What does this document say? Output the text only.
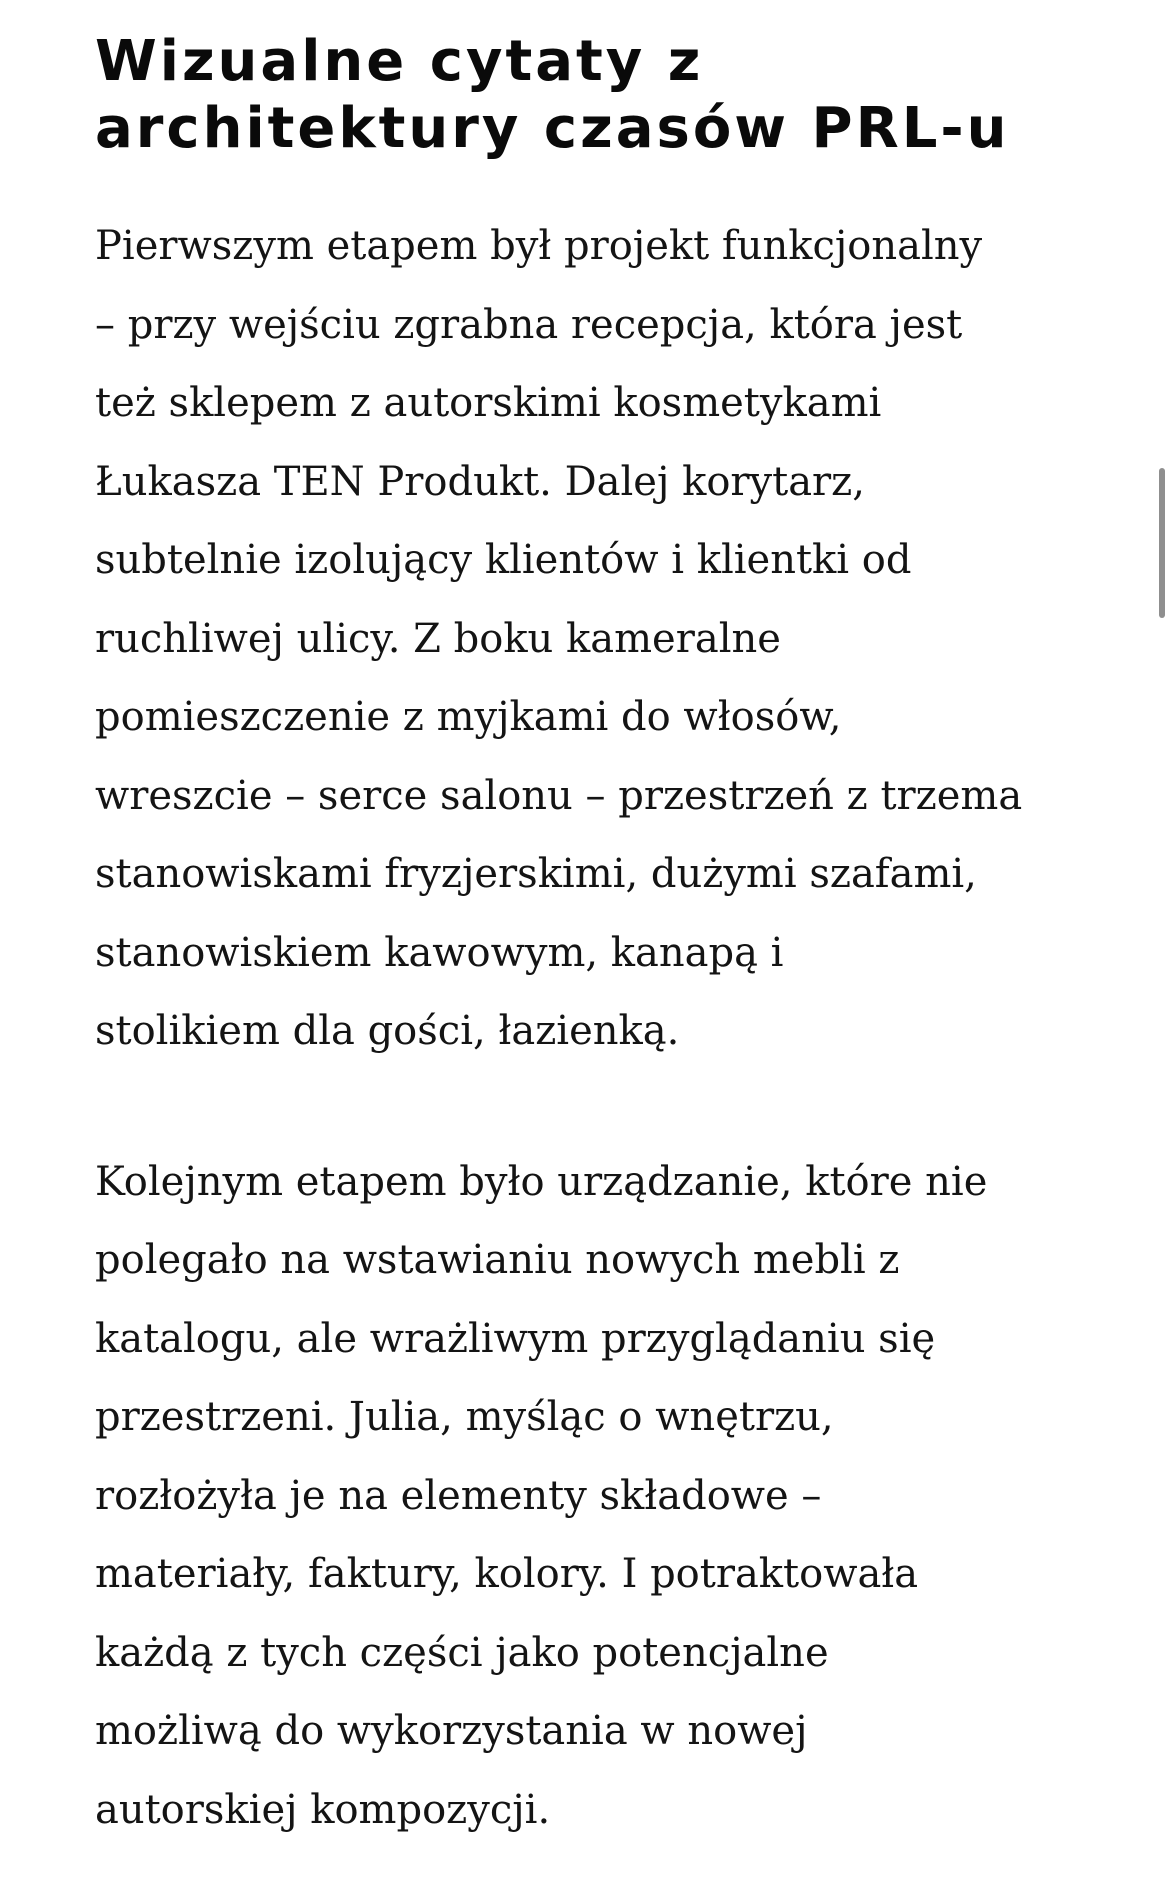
Wizualne cytaty z
architektury czasów PRL-u

Pierwszym etapem był projekt funkcjonalny
– przy wejściu zgrabna recepcja, która jest
też sklepem z autorskimi kosmetykami
Łukasza TEN Produkt. Dalej korytarz,
subtelnie izolujący klientów i klientki od
ruchliwej ulicy. Z boku kameralne
pomieszczenie z myjkami do włosów,
wreszcie – serce salonu – przestrzeń z trzema
stanowiskami fryzjerskimi, dużymi szafami,
stanowiskiem kawowym, kanapą i
stolikiem dla gości, łazienką.

Kolejnym etapem było urządzanie, które nie
polegało na wstawianiu nowych mebli z
katalogu, ale wrażliwym przyglądaniu się
przestrzeni. Julia, myśląc o wnętrzu,
rozłożyła je na elementy składowe –
materiały, faktury, kolory. I potraktowała
każdą z tych części jako potencjalne
możliwą do wykorzystania w nowej
autorskiej kompozycji.
